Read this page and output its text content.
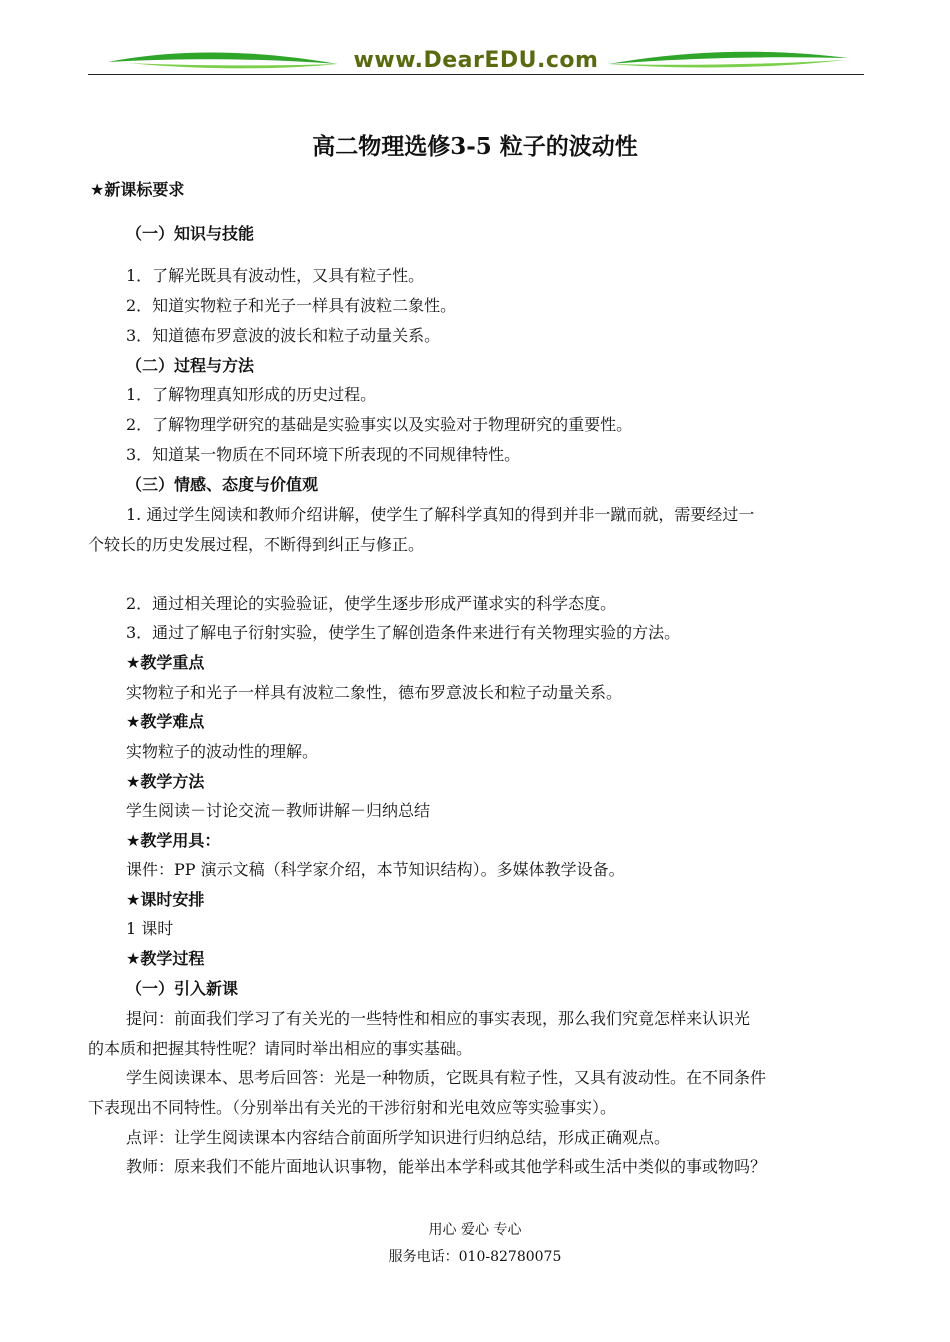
www.DearEDU.com
高二物理选修3-5 粒子的波动性
★新课标要求
（一）知识与技能
1．了解光既具有波动性，又具有粒子性。
2．知道实物粒子和光子一样具有波粒二象性。
3．知道德布罗意波的波长和粒子动量关系。
（二）过程与方法
1．了解物理真知形成的历史过程。
2．了解物理学研究的基础是实验事实以及实验对于物理研究的重要性。
3．知道某一物质在不同环境下所表现的不同规律特性。
（三）情感、态度与价值观
1. 通过学生阅读和教师介绍讲解，使学生了解科学真知的得到并非一蹴而就，需要经过一
个较长的历史发展过程，不断得到纠正与修正。
2．通过相关理论的实验验证，使学生逐步形成严谨求实的科学态度。
3．通过了解电子衍射实验，使学生了解创造条件来进行有关物理实验的方法。
★教学重点
实物粒子和光子一样具有波粒二象性，德布罗意波长和粒子动量关系。
★教学难点
实物粒子的波动性的理解。
★教学方法
学生阅读－讨论交流－教师讲解－归纳总结
★教学用具：
课件：PP 演示文稿（科学家介绍，本节知识结构）。多媒体教学设备。
★课时安排
1 课时
★教学过程
（一）引入新课
提问：前面我们学习了有关光的一些特性和相应的事实表现，那么我们究竟怎样来认识光
的本质和把握其特性呢？请同时举出相应的事实基础。
学生阅读课本、思考后回答：光是一种物质，它既具有粒子性，又具有波动性。在不同条件
下表现出不同特性。（分别举出有关光的干涉衍射和光电效应等实验事实）。
点评：让学生阅读课本内容结合前面所学知识进行归纳总结，形成正确观点。
教师：原来我们不能片面地认识事物，能举出本学科或其他学科或生活中类似的事或物吗？
用心 爱心 专心
服务电话：010-82780075
